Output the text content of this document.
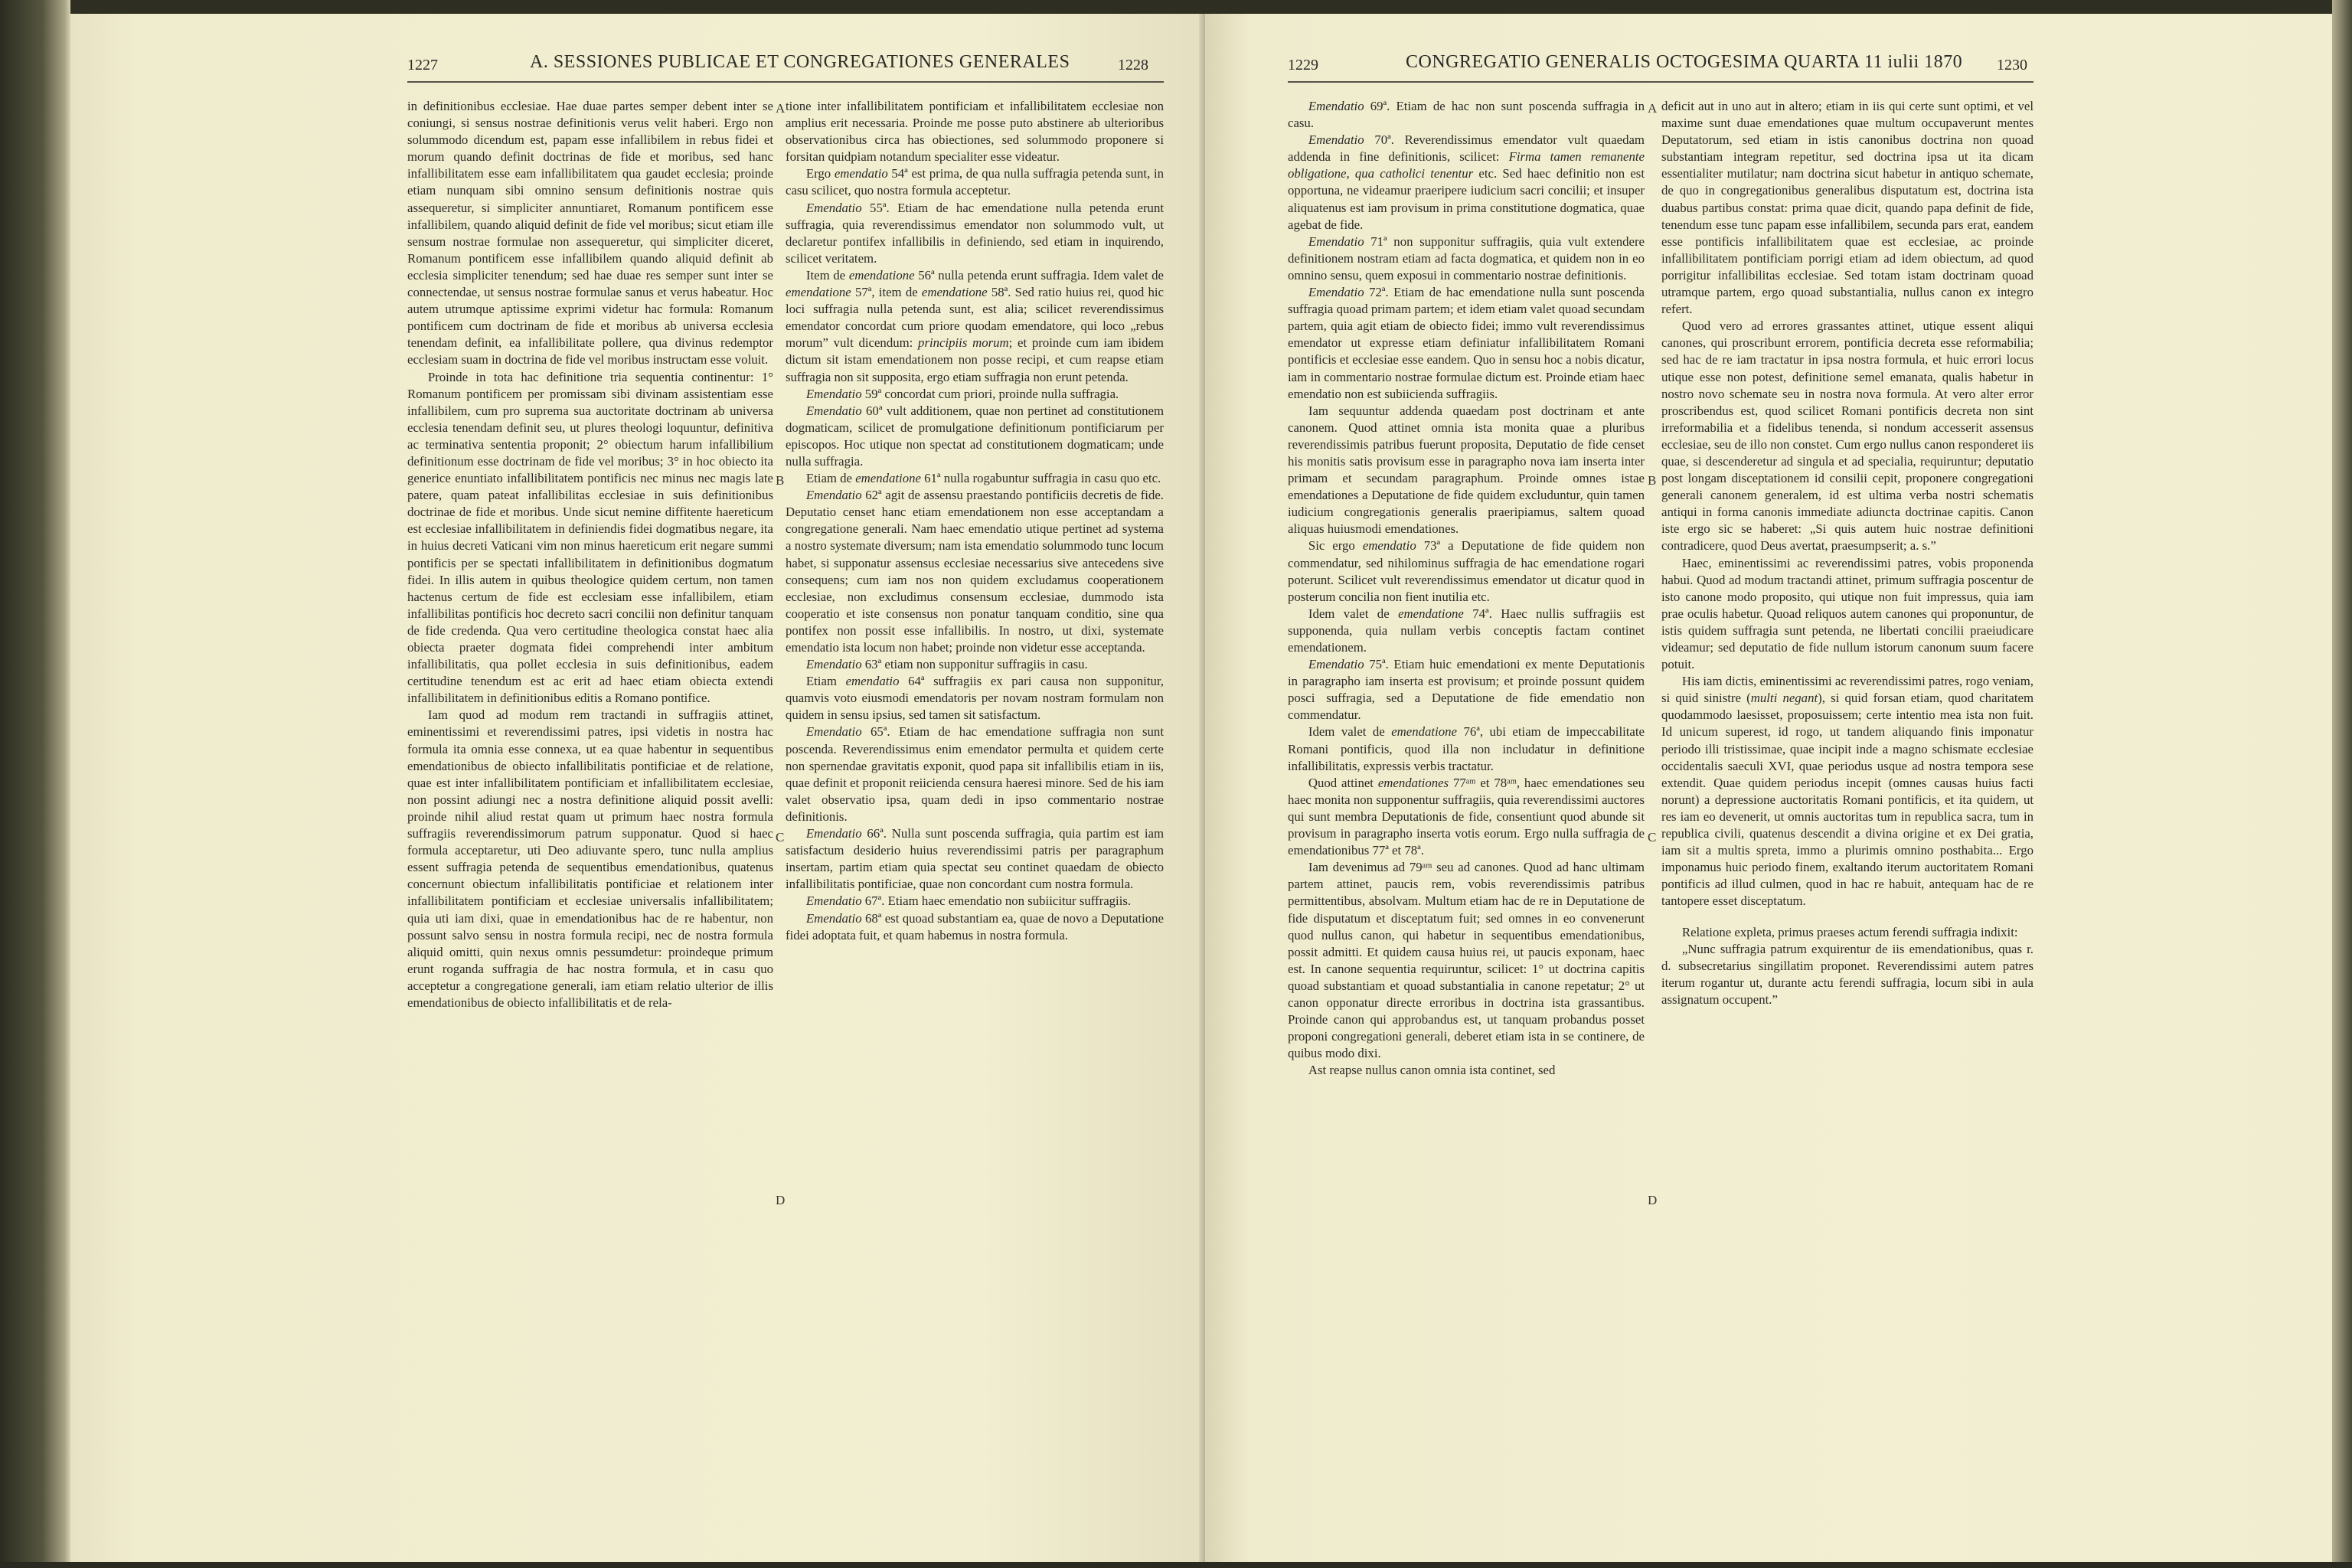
1227	A. SESSIONES PUBLICAE ET CONGREGATIONES GENERALES	1228

in definitionibus ecclesiae. Hae duae partes semper debent inter se coniungi, si sensus nostrae definitionis verus velit haberi. Ergo non solummodo dicendum est, papam esse infallibilem in rebus fidei et morum quando definit doctrinas de fide et moribus, sed hanc infallibilitatem esse eam infallibilitatem qua gaudet ecclesia; proinde etiam nunquam sibi omnino sensum definitionis nostrae quis assequeretur, si simpliciter annuntiaret, Romanum pontificem esse infallibilem, quando aliquid definit de fide vel moribus; sicut etiam ille sensum nostrae formulae non assequeretur, qui simpliciter diceret, Romanum pontificem esse infallibilem quando aliquid definit ab ecclesia simpliciter tenendum; sed hae duae res semper sunt inter se connectendae, ut sensus nostrae formulae sanus et verus habeatur. Hoc autem utrumque aptissime exprimi videtur hac formula: Romanum pontificem cum doctrinam de fide et moribus ab universa ecclesia tenendam definit, ea infallibilitate pollere, qua divinus redemptor ecclesiam suam in doctrina de fide vel moribus instructam esse voluit.

Proinde in tota hac definitione tria sequentia continentur: 1° Romanum pontificem per promissam sibi divinam assistentiam esse infallibilem, cum pro suprema sua auctoritate doctrinam ab universa ecclesia tenendam definit seu, ut plures theologi loquuntur, definitiva ac terminativa sententia proponit; 2° obiectum harum infallibilium definitionum esse doctrinam de fide vel moribus; 3° in hoc obiecto ita generice enuntiato infallibilitatem pontificis nec minus nec magis late patere, quam pateat infallibilitas ecclesiae in suis definitionibus doctrinae de fide et moribus. Unde sicut nemine diffitente haereticum est ecclesiae infallibilitatem in definiendis fidei dogmatibus negare, ita in huius decreti Vaticani vim non minus haereticum erit negare summi pontificis per se spectati infallibilitatem in definitionibus dogmatum fidei. In illis autem in quibus theologice quidem certum, non tamen hactenus certum de fide est ecclesiam esse infallibilem, etiam infallibilitas pontificis hoc decreto sacri concilii non definitur tanquam de fide credenda. Qua vero certitudine theologica constat haec alia obiecta praeter dogmata fidei comprehendi inter ambitum infallibilitatis, qua pollet ecclesia in suis definitionibus, eadem certitudine tenendum est ac erit ad haec etiam obiecta extendi infallibilitatem in definitionibus editis a Romano pontifice.

Iam quod ad modum rem tractandi in suffragiis attinet, eminentissimi et reverendissimi patres, ipsi videtis in nostra hac formula ita omnia esse connexa, ut ea quae habentur in sequentibus emendationibus de obiecto infallibilitatis pontificiae et de relatione, quae est inter infallibilitatem pontificiam et infallibilitatem ecclesiae, non possint adiungi nec a nostra definitione aliquid possit avelli: proinde nihil aliud restat quam ut primum haec nostra formula suffragiis reverendissimorum patrum supponatur. Quod si haec formula acceptaretur, uti Deo adiuvante spero, tunc nulla amplius essent suffragia petenda de sequentibus emendationibus, quatenus concernunt obiectum infallibilitatis pontificiae et relationem inter infallibilitatem pontificiam et ecclesiae universalis infallibilitatem; quia uti iam dixi, quae in emendationibus hac de re habentur, non possunt salvo sensu in nostra formula recipi, nec de nostra formula aliquid omitti, quin nexus omnis pessumdetur: proindeque primum erunt roganda suffragia de hac nostra formula, et in casu quo acceptetur a congregatione generali, iam etiam relatio ulterior de illis emendationibus de obiecto infallibilitatis et de rela-

tione inter infallibilitatem pontificiam et infallibilitatem ecclesiae non amplius erit necessaria. Proinde me posse puto abstinere ab ulterioribus observationibus circa has obiectiones, sed solummodo proponere si forsitan quidpiam notandum specialiter esse videatur.

Ergo emendatio 54ª est prima, de qua nulla suffragia petenda sunt, in casu scilicet, quo nostra formula acceptetur.

Emendatio 55ª. Etiam de hac emendatione nulla petenda erunt suffragia, quia reverendissimus emendator non solummodo vult, ut declaretur pontifex infallibilis in definiendo, sed etiam in inquirendo, scilicet veritatem.

Item de emendatione 56ª nulla petenda erunt suffragia. Idem valet de emendatione 57ª, item de emendatione 58ª. Sed ratio huius rei, quod hic loci suffragia nulla petenda sunt, est alia; scilicet reverendissimus emendator concordat cum priore quodam emendatore, qui loco „rebus morum” vult dicendum: principiis morum; et proinde cum iam ibidem dictum sit istam emendationem non posse recipi, et cum reapse etiam suffragia non sit supposita, ergo etiam suffragia non erunt petenda.

Emendatio 59ª concordat cum priori, proinde nulla suffragia.

Emendatio 60ª vult additionem, quae non pertinet ad constitutionem dogmaticam, scilicet de promulgatione definitionum pontificiarum per episcopos. Hoc utique non spectat ad constitutionem dogmaticam; unde nulla suffragia.

Etiam de emendatione 61ª nulla rogabuntur suffragia in casu quo etc.

Emendatio 62ª agit de assensu praestando pontificiis decretis de fide. Deputatio censet hanc etiam emendationem non esse acceptandam a congregatione generali. Nam haec emendatio utique pertinet ad systema a nostro systemate diversum; nam ista emendatio solummodo tunc locum habet, si supponatur assensus ecclesiae necessarius sive antecedens sive consequens; cum iam nos non quidem excludamus cooperationem ecclesiae, non excludimus consensum ecclesiae, dummodo ista cooperatio et iste consensus non ponatur tanquam conditio, sine qua pontifex non possit esse infallibilis. In nostro, ut dixi, systemate emendatio ista locum non habet; proinde non videtur esse acceptanda.

Emendatio 63ª etiam non supponitur suffragiis in casu.

Etiam emendatio 64ª suffragiis ex pari causa non supponitur, quamvis voto eiusmodi emendatoris per novam nostram formulam non quidem in sensu ipsius, sed tamen sit satisfactum.

Emendatio 65ª. Etiam de hac emendatione suffragia non sunt poscenda. Reverendissimus enim emendator permulta et quidem certe non spernendae gravitatis exponit, quod papa sit infallibilis etiam in iis, quae definit et proponit reiicienda censura haeresi minore. Sed de his iam valet observatio ipsa, quam dedi in ipso commentario nostrae definitionis.

Emendatio 66ª. Nulla sunt poscenda suffragia, quia partim est iam satisfactum desiderio huius reverendissimi patris per paragraphum insertam, partim etiam quia spectat seu continet quaedam de obiecto infallibilitatis pontificiae, quae non concordant cum nostra formula.

Emendatio 67ª. Etiam haec emendatio non subiicitur suffragiis.

Emendatio 68ª est quoad substantiam ea, quae de novo a Deputatione fidei adoptata fuit, et quam habemus in nostra formula.

A
B
C
D
1229	CONGREGATIO GENERALIS OCTOGESIMA QUARTA 11 iulii 1870 1230

Emendatio 69ª. Etiam de hac non sunt poscenda suffragia in casu.

Emendatio 70ª. Reverendissimus emendator vult quaedam addenda in fine definitionis, scilicet: Firma tamen remanente obligatione, qua catholici tenentur etc. Sed haec definitio non est opportuna, ne videamur praeripere iudicium sacri concilii; et insuper aliquatenus est iam provisum in prima constitutione dogmatica, quae agebat de fide.

Emendatio 71ª non supponitur suffragiis, quia vult extendere definitionem nostram etiam ad facta dogmatica, et quidem non in eo omnino sensu, quem exposui in commentario nostrae definitionis.

Emendatio 72ª. Etiam de hac emendatione nulla sunt poscenda suffragia quoad primam partem; et idem etiam valet quoad secundam partem, quia agit etiam de obiecto fidei; immo vult reverendissimus emendator ut expresse etiam definiatur infallibilitatem Romani pontificis et ecclesiae esse eandem. Quo in sensu hoc a nobis dicatur, iam in commentario nostrae formulae dictum est. Proinde etiam haec emendatio non est subiicienda suffragiis.

Iam sequuntur addenda quaedam post doctrinam et ante canonem. Quod attinet omnia ista monita quae a pluribus reverendissimis patribus fuerunt proposita, Deputatio de fide censet his monitis satis provisum esse in paragrapho nova iam inserta inter primam et secundam paragraphum. Proinde omnes istae emendationes a Deputatione de fide quidem excluduntur, quin tamen iudicium congregationis generalis praeripiamus, saltem quoad aliquas huiusmodi emendationes.

Sic ergo emendatio 73ª a Deputatione de fide quidem non commendatur, sed nihilominus suffragia de hac emendatione rogari poterunt. Scilicet vult reverendissimus emendator ut dicatur quod in posterum concilia non fient inutilia etc.

Idem valet de emendatione 74ª. Haec nullis suffragiis est supponenda, quia nullam verbis conceptis factam continet emendationem.

Emendatio 75ª. Etiam huic emendationi ex mente Deputationis in paragrapho iam inserta est provisum; et proinde possunt quidem posci suffragia, sed a Deputatione de fide emendatio non commendatur.

Idem valet de emendatione 76ª, ubi etiam de impeccabilitate Romani pontificis, quod illa non includatur in definitione infallibilitatis, expressis verbis tractatur.

Quod attinet emendationes 77ᵃᵐ et 78ᵃᵐ, haec emendationes seu haec monita non supponentur suffragiis, quia reverendissimi auctores qui sunt membra Deputationis de fide, consentiunt quod abunde sit provisum in paragrapho inserta votis eorum. Ergo nulla suffragia de emendationibus 77ª et 78ª.

Iam devenimus ad 79ᵃᵐ seu ad canones. Quod ad hanc ultimam partem attinet, paucis rem, vobis reverendissimis patribus permittentibus, absolvam. Multum etiam hac de re in Deputatione de fide disputatum et disceptatum fuit; sed omnes in eo convenerunt quod nullus canon, qui habetur in sequentibus emendationibus, possit admitti. Et quidem causa huius rei, ut paucis exponam, haec est. In canone sequentia requiruntur, scilicet: 1° ut doctrina capitis quoad substantiam et quoad substantialia in canone repetatur; 2° ut canon opponatur directe erroribus in doctrina ista grassantibus. Proinde canon qui approbandus est, ut tanquam probandus posset proponi congregationi generali, deberet etiam ista in se continere, de quibus modo dixi.

Ast reapse nullus canon omnia ista continet, sed

deficit aut in uno aut in altero; etiam in iis qui certe sunt optimi, et vel maxime sunt duae emendationes quae multum occupaverunt mentes Deputatorum, sed etiam in istis canonibus doctrina non quoad substantiam integram repetitur, sed doctrina ipsa ut ita dicam essentialiter mutilatur; nam doctrina sicut habetur in antiquo schemate, de quo in congregationibus generalibus disputatum est, doctrina ista duabus partibus constat: prima quae dicit, quando papa definit de fide, tenendum esse tunc papam esse infallibilem, secunda pars erat, eandem esse pontificis infallibilitatem quae est ecclesiae, ac proinde infallibilitatem pontificiam porrigi etiam ad idem obiectum, ad quod porrigitur infallibilitas ecclesiae. Sed totam istam doctrinam quoad utramque partem, ergo quoad substantialia, nullus canon ex integro refert.

Quod vero ad errores grassantes attinet, utique essent aliqui canones, qui proscribunt errorem, pontificia decreta esse reformabilia; sed hac de re iam tractatur in ipsa nostra formula, et huic errori locus utique esse non potest, definitione semel emanata, qualis habetur in nostro novo schemate seu in nostra nova formula. At vero alter error proscribendus est, quod scilicet Romani pontificis decreta non sint irreformabilia et a fidelibus tenenda, si nondum accesserit assensus ecclesiae, seu de illo non constet. Cum ergo nullus canon responderet iis quae, si descenderetur ad singula et ad specialia, requiruntur; deputatio post longam disceptationem id consilii cepit, proponere congregationi generali canonem generalem, id est ultima verba nostri schematis antiqui in forma canonis immediate adiuncta doctrinae capitis. Canon iste ergo sic se haberet: „Si quis autem huic nostrae definitioni contradicere, quod Deus avertat, praesumpserit; a. s.”

Haec, eminentissimi ac reverendissimi patres, vobis proponenda habui. Quod ad modum tractandi attinet, primum suffragia poscentur de isto canone modo proposito, qui utique non fuit impressus, quia iam prae oculis habetur. Quoad reliquos autem canones qui proponuntur, de istis quidem suffragia sunt petenda, ne libertati concilii praeiudicare videamur; sed deputatio de fide nullum istorum canonum suum facere potuit.

His iam dictis, eminentissimi ac reverendissimi patres, rogo veniam, si quid sinistre (multi negant), si quid forsan etiam, quod charitatem quodammodo laesisset, proposuissem; certe intentio mea ista non fuit. Id unicum superest, id rogo, ut tandem aliquando finis imponatur periodo illi tristissimae, quae incipit inde a magno schismate ecclesiae occidentalis saeculi XVI, quae periodus usque ad nostra tempora sese extendit. Quae quidem periodus incepit (omnes causas huius facti norunt) a depressione auctoritatis Romani pontificis, et ita quidem, ut res iam eo devenerit, ut omnis auctoritas tum in republica sacra, tum in republica civili, quatenus descendit a divina origine et ex Dei gratia, iam sit a multis spreta, immo a plurimis omnino posthabita... Ergo imponamus huic periodo finem, exaltando iterum auctoritatem Romani pontificis ad illud culmen, quod in hac re habuit, antequam hac de re tantopere esset disceptatum.

Relatione expleta, primus praeses actum ferendi suffragia indixit:

„Nunc suffragia patrum exquirentur de iis emendationibus, quas r. d. subsecretarius singillatim proponet. Reverendissimi autem patres iterum rogantur ut, durante actu ferendi suffragia, locum sibi in aula assignatum occupent.”

A
B
C
D
